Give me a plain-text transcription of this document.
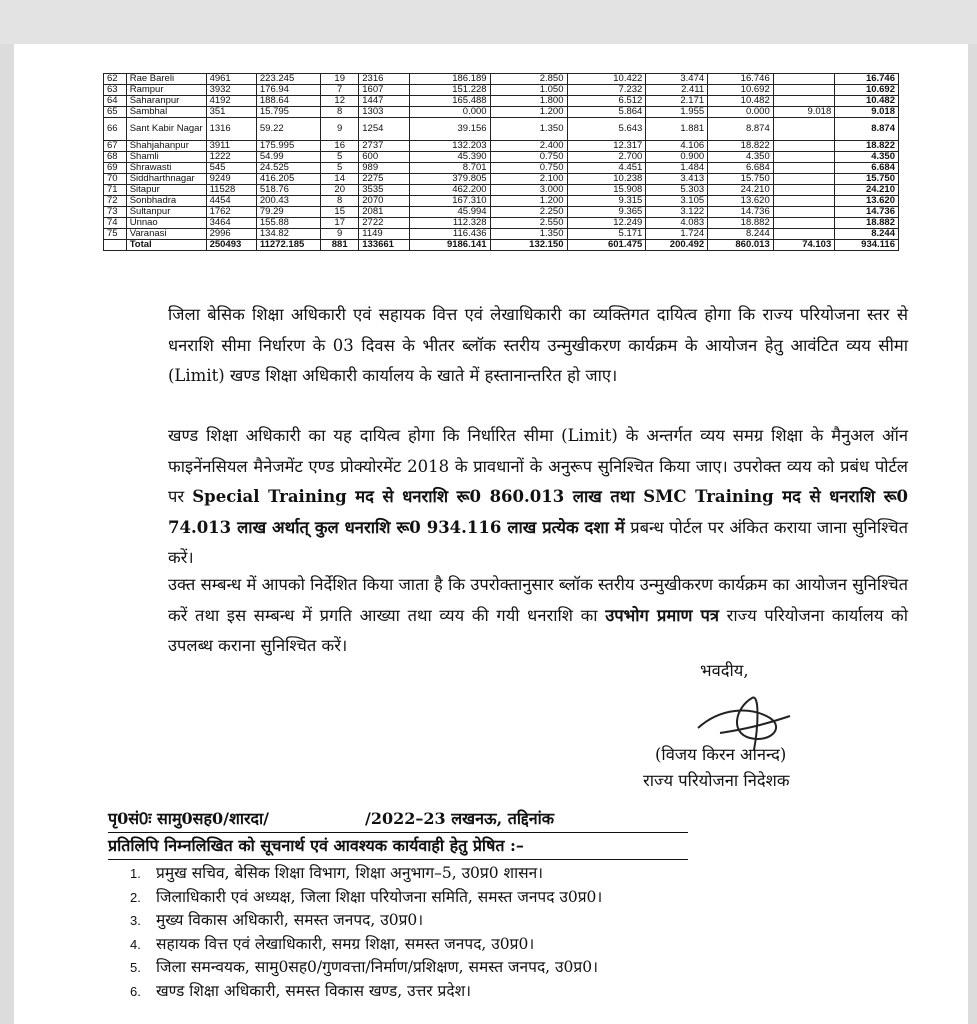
62	Rae Bareli	4961	223.245	19	2316	186.189	2.850	10.422	3.474	16.746		16.746
63	Rampur	3932	176.94	7	1607	151.228	1.050	7.232	2.411	10.692		10.692
64	Saharanpur	4192	188.64	12	1447	165.488	1.800	6.512	2.171	10.482		10.482
65	Sambhal	351	15.795	8	1303	0.000	1.200	5.864	1.955	0.000	9.018	9.018
66	Sant Kabir Nagar	1316	59.22	9	1254	39.156	1.350	5.643	1.881	8.874		8.874
67	Shahjahanpur	3911	175.995	16	2737	132.203	2.400	12.317	4.106	18.822		18.822
68	Shamli	1222	54.99	5	600	45.390	0.750	2.700	0.900	4.350		4.350
69	Shrawasti	545	24.525	5	989	8.701	0.750	4.451	1.484	6.684		6.684
70	Siddharthnagar	9249	416.205	14	2275	379.805	2.100	10.238	3.413	15.750		15.750
71	Sitapur	11528	518.76	20	3535	462.200	3.000	15.908	5.303	24.210		24.210
72	Sonbhadra	4454	200.43	8	2070	167.310	1.200	9.315	3.105	13.620		13.620
73	Sultanpur	1762	79.29	15	2081	45.994	2.250	9.365	3.122	14.736		14.736
74	Unnao	3464	155.88	17	2722	112.328	2.550	12.249	4.083	18.882		18.882
75	Varanasi	2996	134.82	9	1149	116.436	1.350	5.171	1.724	8.244		8.244
	Total	250493	11272.185	881	133661	9186.141	132.150	601.475	200.492	860.013	74.103	934.116
जिला बेसिक शिक्षा अधिकारी एवं सहायक वित्त एवं लेखाधिकारी का व्यक्तिगत दायित्व होगा कि राज्य परियोजना स्तर से धनराशि सीमा निर्धारण के 03 दिवस के भीतर ब्लॉक स्तरीय उन्मुखीकरण कार्यक्रम के आयोजन हेतु आवंटित व्यय सीमा (Limit) खण्ड शिक्षा अधिकारी कार्यालय के खाते में हस्तानान्तरित हो जाए।
खण्ड शिक्षा अधिकारी का यह दायित्व होगा कि निर्धारित सीमा (Limit) के अन्तर्गत व्यय समग्र शिक्षा के मैनुअल ऑन फाइनेंनसियल मैनेजमेंट एण्ड प्रोक्योरमेंट 2018 के प्रावधानों के अनुरूप सुनिश्चित किया जाए। उपरोक्त व्यय को प्रबंध पोर्टल पर Special Training मद से धनराशि रू0 860.013 लाख तथा SMC Training मद से धनराशि रू0 74.013 लाख अर्थात् कुल धनराशि रू0 934.116 लाख प्रत्येक दशा में प्रबन्ध पोर्टल पर अंकित कराया जाना सुनिश्चित करें।
उक्त सम्बन्ध में आपको निर्देशित किया जाता है कि उपरोक्तानुसार ब्लॉक स्तरीय उन्मुखीकरण कार्यक्रम का आयोजन सुनिश्चित करें तथा इस सम्बन्ध में प्रगति आख्या तथा व्यय की गयी धनराशि का उपभोग प्रमाण पत्र राज्य परियोजना कार्यालय को उपलब्ध कराना सुनिश्चित करें।
भवदीय,
(विजय किरन आनन्द)
राज्य परियोजना निदेशक
पृ0सं0ः सामु0सह0/शारदा/	/2022–23 लखनऊ, तद्दिनांक
प्रतिलिपि निम्नलिखित को सूचनार्थ एवं आवश्यक कार्यवाही हेतु प्रेषित :–
1. प्रमुख सचिव, बेसिक शिक्षा विभाग, शिक्षा अनुभाग–5, उ0प्र0 शासन।
2. जिलाधिकारी एवं अध्यक्ष, जिला शिक्षा परियोजना समिति, समस्त जनपद उ0प्र0।
3. मुख्य विकास अधिकारी, समस्त जनपद, उ0प्र0।
4. सहायक वित्त एवं लेखाधिकारी, समग्र शिक्षा, समस्त जनपद, उ0प्र0।
5. जिला समन्वयक, सामु0सह0/गुणवत्ता/निर्माण/प्रशिक्षण, समस्त जनपद, उ0प्र0।
6. खण्ड शिक्षा अधिकारी, समस्त विकास खण्ड, उत्तर प्रदेश।
